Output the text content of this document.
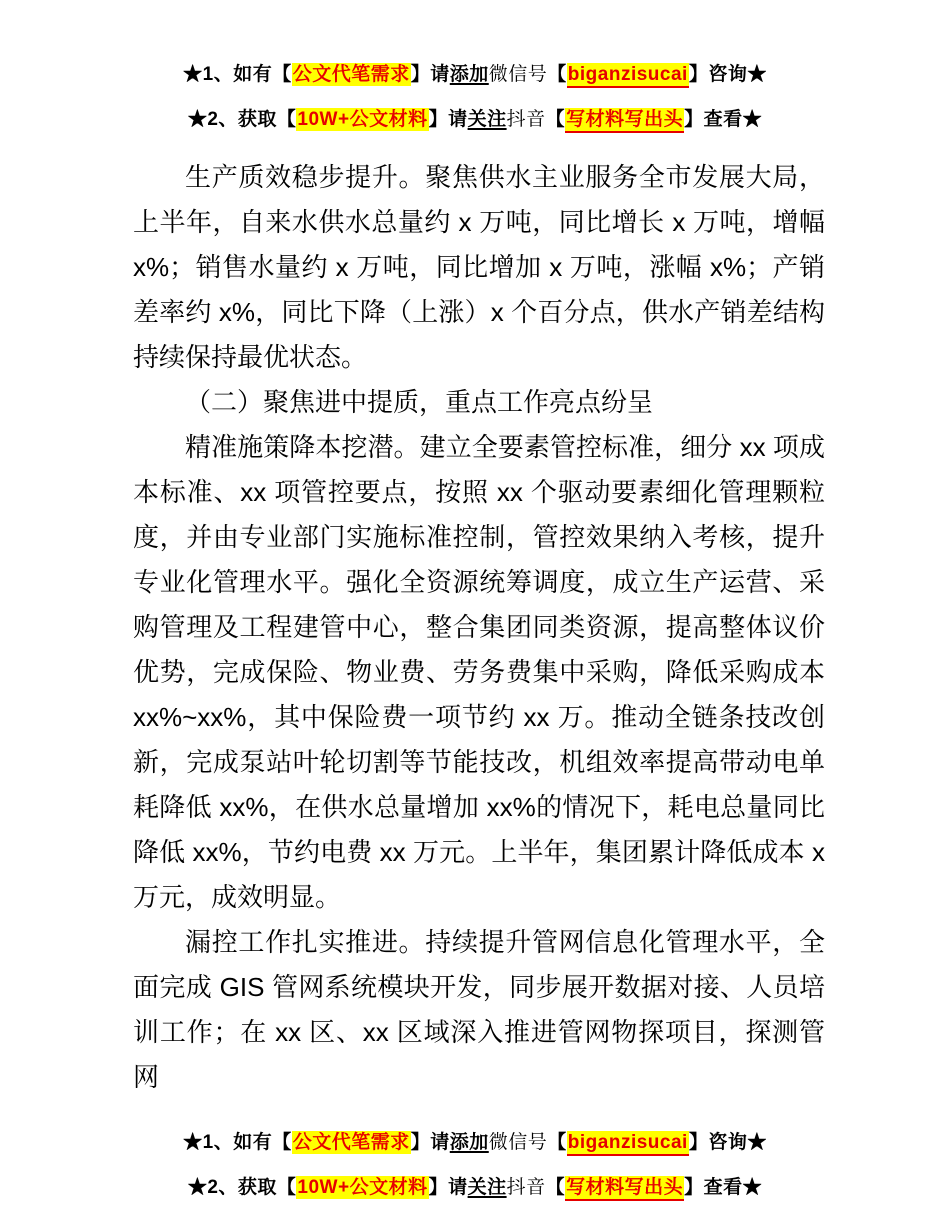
★1、如有【公文代笔需求】请添加微信号【biganzisucai】咨询★
★2、获取【10W+公文材料】请关注抖音【写材料写出头】查看★

生产质效稳步提升。聚焦供水主业服务全市发展大局，上半年，自来水供水总量约 x 万吨，同比增长 x 万吨，增幅 x%；销售水量约 x 万吨，同比增加 x 万吨，涨幅 x%；产销差率约 x%，同比下降（上涨）x 个百分点，供水产销差结构持续保持最优状态。

（二）聚焦进中提质，重点工作亮点纷呈

精准施策降本挖潜。建立全要素管控标准，细分 xx 项成本标准、xx 项管控要点，按照 xx 个驱动要素细化管理颗粒度，并由专业部门实施标准控制，管控效果纳入考核，提升专业化管理水平。强化全资源统筹调度，成立生产运营、采购管理及工程建管中心，整合集团同类资源，提高整体议价优势，完成保险、物业费、劳务费集中采购，降低采购成本 xx%~xx%，其中保险费一项节约 xx 万。推动全链条技改创新，完成泵站叶轮切割等节能技改，机组效率提高带动电单耗降低 xx%，在供水总量增加 xx%的情况下，耗电总量同比降低 xx%，节约电费 xx 万元。上半年，集团累计降低成本 x 万元，成效明显。

漏控工作扎实推进。持续提升管网信息化管理水平，全面完成 GIS 管网系统模块开发，同步展开数据对接、人员培训工作；在 xx 区、xx 区域深入推进管网物探项目，探测管网

★1、如有【公文代笔需求】请添加微信号【biganzisucai】咨询★
★2、获取【10W+公文材料】请关注抖音【写材料写出头】查看★
